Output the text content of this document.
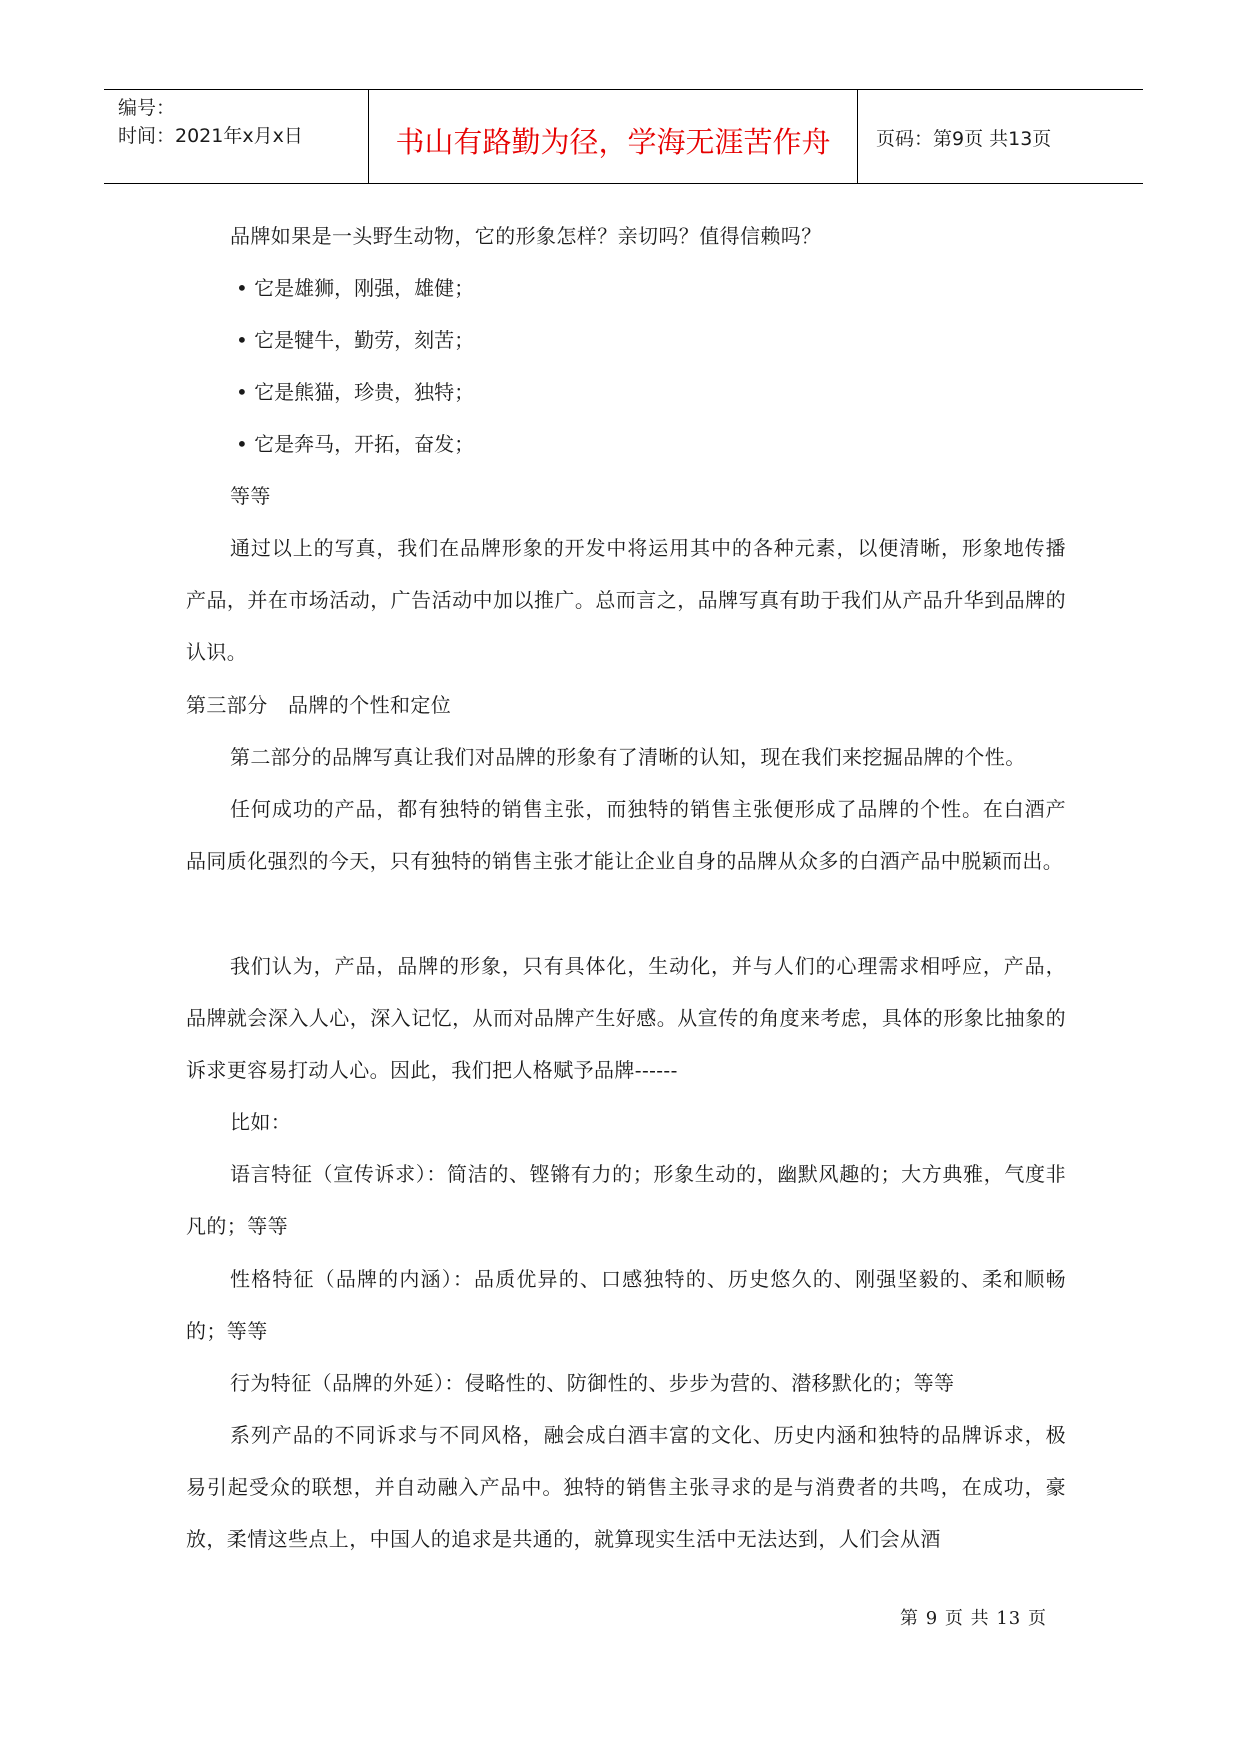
编号：
时间：2021年x月x日	书山有路勤为径，学海无涯苦作舟	页码：第9页 共13页

品牌如果是一头野生动物，它的形象怎样？亲切吗？值得信赖吗？

• 它是雄狮，刚强，雄健；
• 它是犍牛，勤劳，刻苦；
• 它是熊猫，珍贵，独特；
• 它是奔马，开拓，奋发；

等等

通过以上的写真，我们在品牌形象的开发中将运用其中的各种元素，以便清晰，形象地传播产品，并在市场活动，广告活动中加以推广。总而言之，品牌写真有助于我们从产品升华到品牌的认识。

第三部分　品牌的个性和定位

第二部分的品牌写真让我们对品牌的形象有了清晰的认知，现在我们来挖掘品牌的个性。

任何成功的产品，都有独特的销售主张，而独特的销售主张便形成了品牌的个性。在白酒产品同质化强烈的今天，只有独特的销售主张才能让企业自身的品牌从众多的白酒产品中脱颖而出。

我们认为，产品，品牌的形象，只有具体化，生动化，并与人们的心理需求相呼应，产品，品牌就会深入人心，深入记忆，从而对品牌产生好感。从宣传的角度来考虑，具体的形象比抽象的诉求更容易打动人心。因此，我们把人格赋予品牌------

比如：

语言特征（宣传诉求）：简洁的、铿锵有力的；形象生动的，幽默风趣的；大方典雅，气度非凡的；等等

性格特征（品牌的内涵）：品质优异的、口感独特的、历史悠久的、刚强坚毅的、柔和顺畅的；等等

行为特征（品牌的外延）：侵略性的、防御性的、步步为营的、潜移默化的；等等

系列产品的不同诉求与不同风格，融会成白酒丰富的文化、历史内涵和独特的品牌诉求，极易引起受众的联想，并自动融入产品中。独特的销售主张寻求的是与消费者的共鸣，在成功，豪放，柔情这些点上，中国人的追求是共通的，就算现实生活中无法达到，人们会从酒

第 9 页 共 13 页
